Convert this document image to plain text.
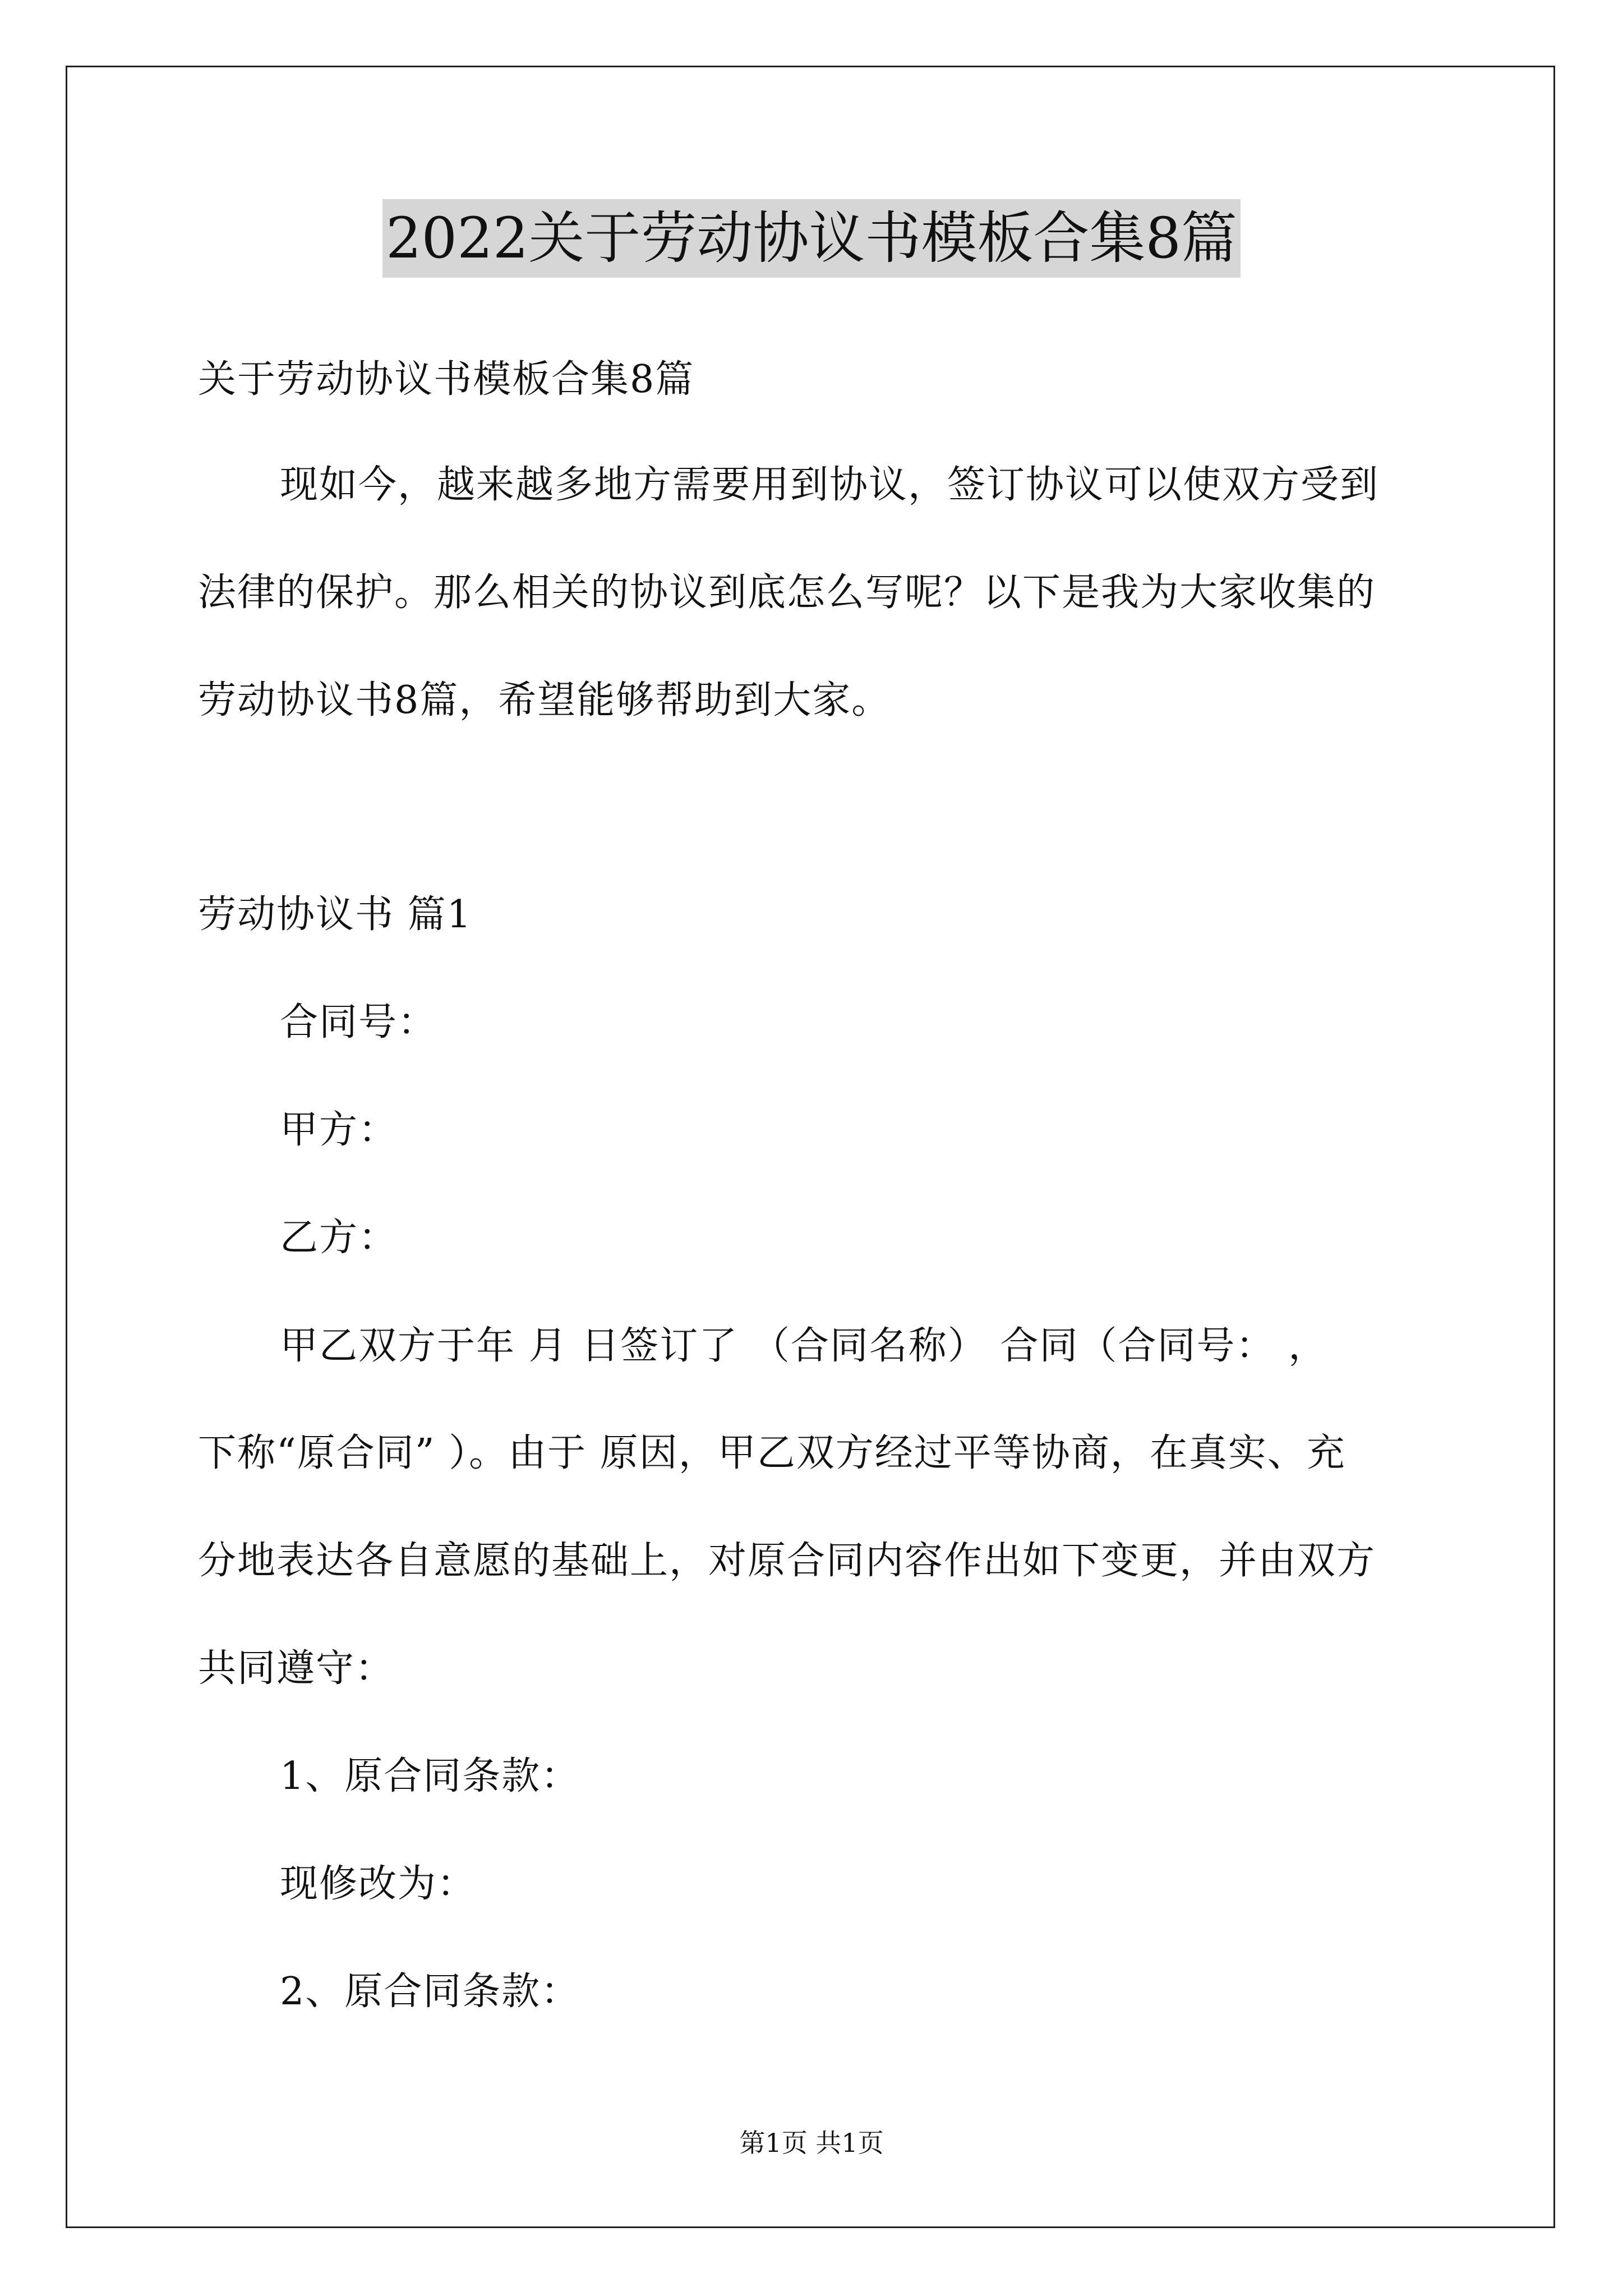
2022关于劳动协议书模板合集8篇
关于劳动协议书模板合集8篇
现如今，越来越多地方需要用到协议，签订协议可以使双方受到
法律的保护。那么相关的协议到底怎么写呢？以下是我为大家收集的
劳动协议书8篇，希望能够帮助到大家。
劳动协议书 篇1
合同号：
甲方：
乙方：
甲乙双方于年 月 日签订了 （合同名称） 合同（合同号： ，
下称“原合同” ）。由于 原因，甲乙双方经过平等协商，在真实、充
分地表达各自意愿的基础上，对原合同内容作出如下变更，并由双方
共同遵守：
1、原合同条款：
现修改为：
2、原合同条款：
第1页 共1页
